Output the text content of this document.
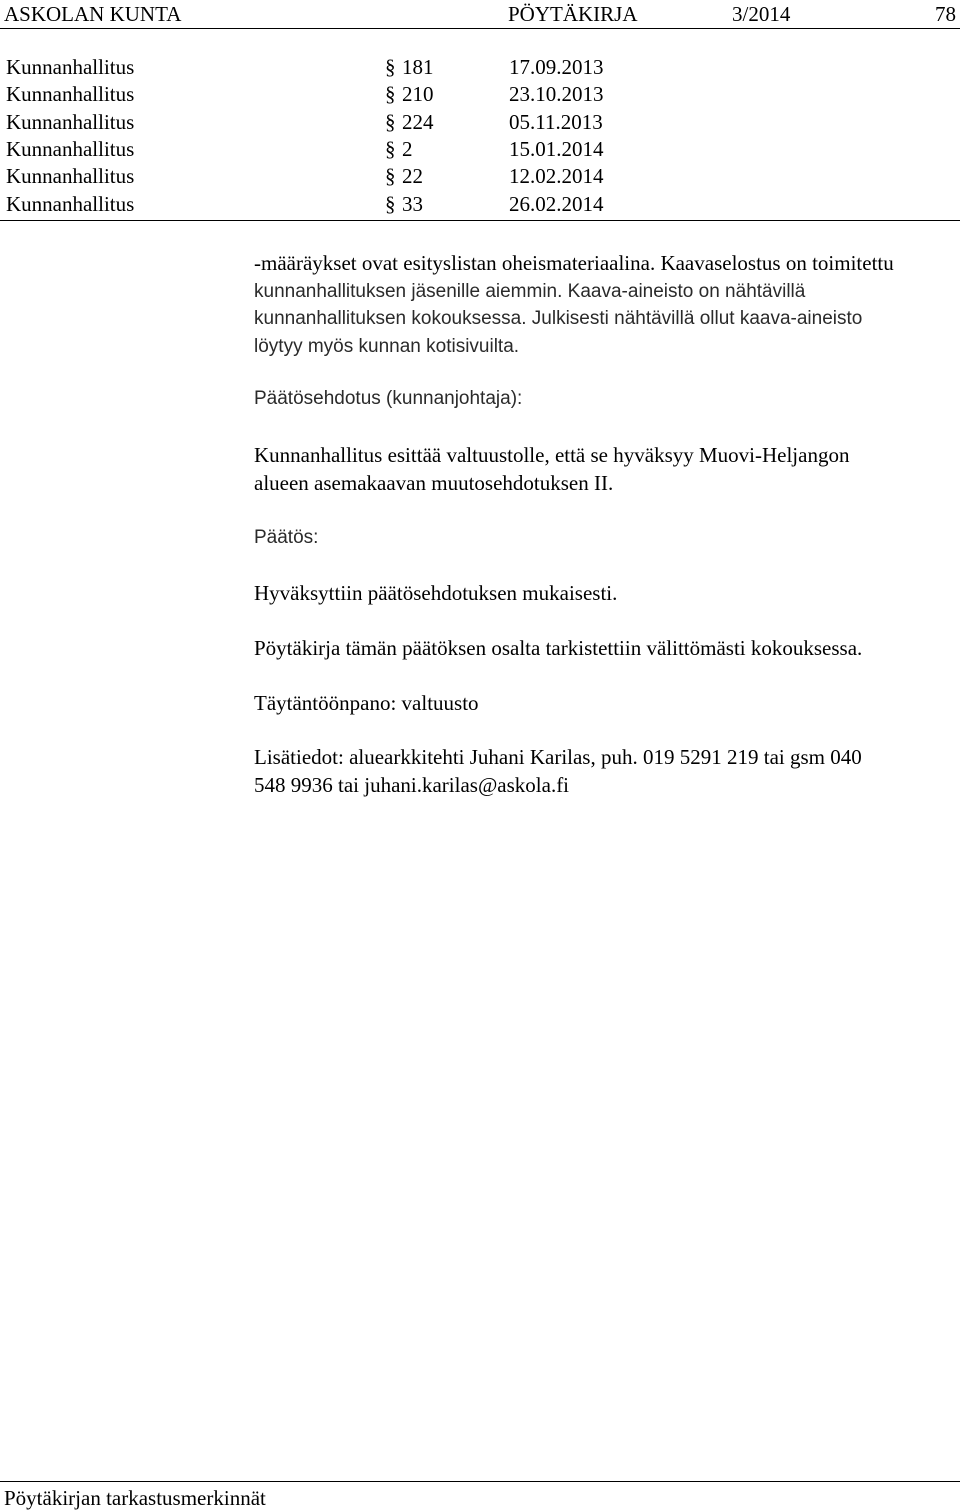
ASKOLAN KUNTA	PÖYTÄKIRJA	3/2014	78
Kunnanhallitus	§ 181	17.09.2013
Kunnanhallitus	§ 210	23.10.2013
Kunnanhallitus	§ 224	05.11.2013
Kunnanhallitus	§ 2	15.01.2014
Kunnanhallitus	§ 22	12.02.2014
Kunnanhallitus	§ 33	26.02.2014
-määräykset ovat esityslistan oheismateriaalina. Kaavaselostus on toimitettu
kunnanhallituksen jäsenille aiemmin. Kaava-aineisto on nähtävillä
kunnanhallituksen kokouksessa. Julkisesti nähtävillä ollut kaava-aineisto
löytyy myös kunnan kotisivuilta.
Päätösehdotus (kunnanjohtaja):
Kunnanhallitus esittää valtuustolle, että se hyväksyy Muovi-Heljangon
alueen asemakaavan muutosehdotuksen II.
Päätös:
Hyväksyttiin päätösehdotuksen mukaisesti.
Pöytäkirja tämän päätöksen osalta tarkistettiin välittömästi kokouksessa.
Täytäntöönpano: valtuusto
Lisätiedot: aluearkkitehti Juhani Karilas, puh. 019 5291 219 tai gsm 040
548 9936 tai juhani.karilas@askola.fi
Pöytäkirjan tarkastusmerkinnät
